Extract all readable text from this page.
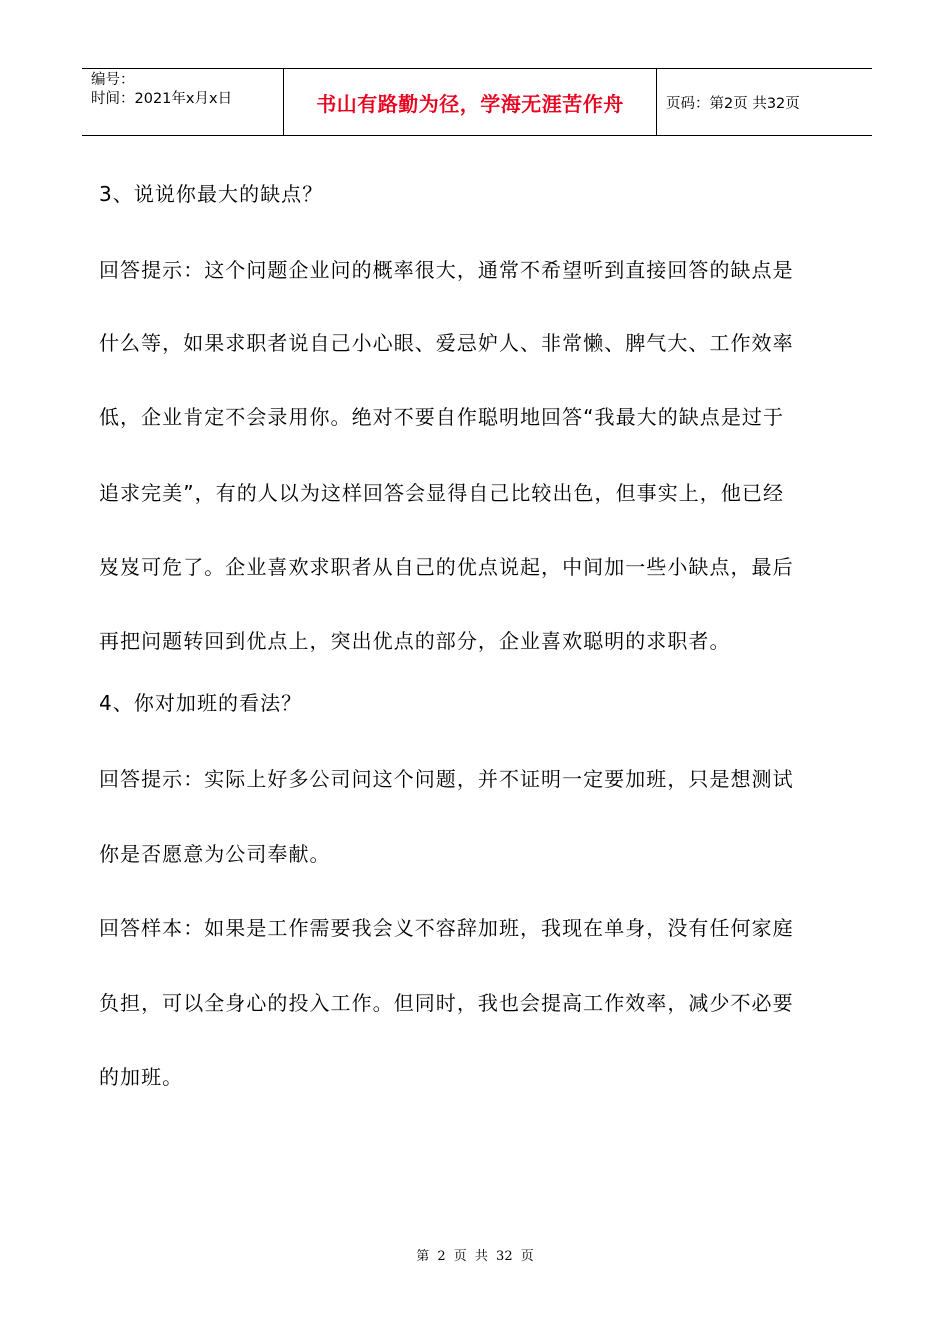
编号：
时间：2021年x月x日	书山有路勤为径，学海无涯苦作舟	页码：第2页 共32页
3、说说你最大的缺点？
回答提示：这个问题企业问的概率很大，通常不希望听到直接回答的缺点是
什么等，如果求职者说自己小心眼、爱忌妒人、非常懒、脾气大、工作效率
低，企业肯定不会录用你。绝对不要自作聪明地回答“我最大的缺点是过于
追求完美”，有的人以为这样回答会显得自己比较出色，但事实上，他已经
岌岌可危了。企业喜欢求职者从自己的优点说起，中间加一些小缺点，最后
再把问题转回到优点上，突出优点的部分，企业喜欢聪明的求职者。
4、你对加班的看法？
回答提示：实际上好多公司问这个问题，并不证明一定要加班，只是想测试
你是否愿意为公司奉献。
回答样本：如果是工作需要我会义不容辞加班，我现在单身，没有任何家庭
负担，可以全身心的投入工作。但同时，我也会提高工作效率，减少不必要
的加班。
第 2 页 共 32 页
